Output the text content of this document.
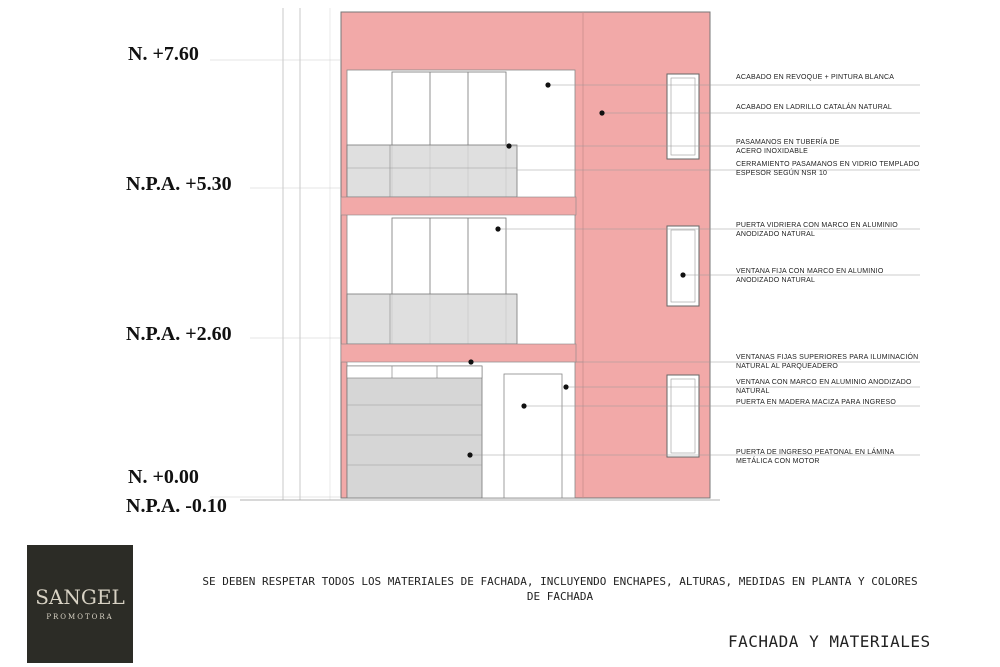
N. +7.60
N.P.A. +5.30
N.P.A. +2.60
N. +0.00
N.P.A. -0.10
ACABADO EN REVOQUE + PINTURA BLANCA
ACABADO EN LADRILLO CATALÁN NATURAL
PASAMANOS EN TUBERÍA DE ACERO INOXIDABLE
CERRAMIENTO PASAMANOS EN VIDRIO TEMPLADO ESPESOR SEGÚN NSR 10
PUERTA VIDRIERA CON MARCO EN ALUMINIO ANODIZADO NATURAL
VENTANA FIJA CON MARCO EN ALUMINIO ANODIZADO NATURAL
VENTANAS FIJAS SUPERIORES PARA ILUMINACIÓN NATURAL AL PARQUEADERO
VENTANA CON MARCO EN ALUMINIO ANODIZADO NATURAL
PUERTA EN MADERA MACIZA PARA INGRESO
PUERTA DE INGRESO PEATONAL EN LÁMINA METÁLICA CON MOTOR
SANGEL
PROMOTORA
SE DEBEN RESPETAR TODOS LOS MATERIALES DE FACHADA, INCLUYENDO ENCHAPES, ALTURAS, MEDIDAS EN PLANTA Y COLORES DE FACHADA
FACHADA Y MATERIALES
